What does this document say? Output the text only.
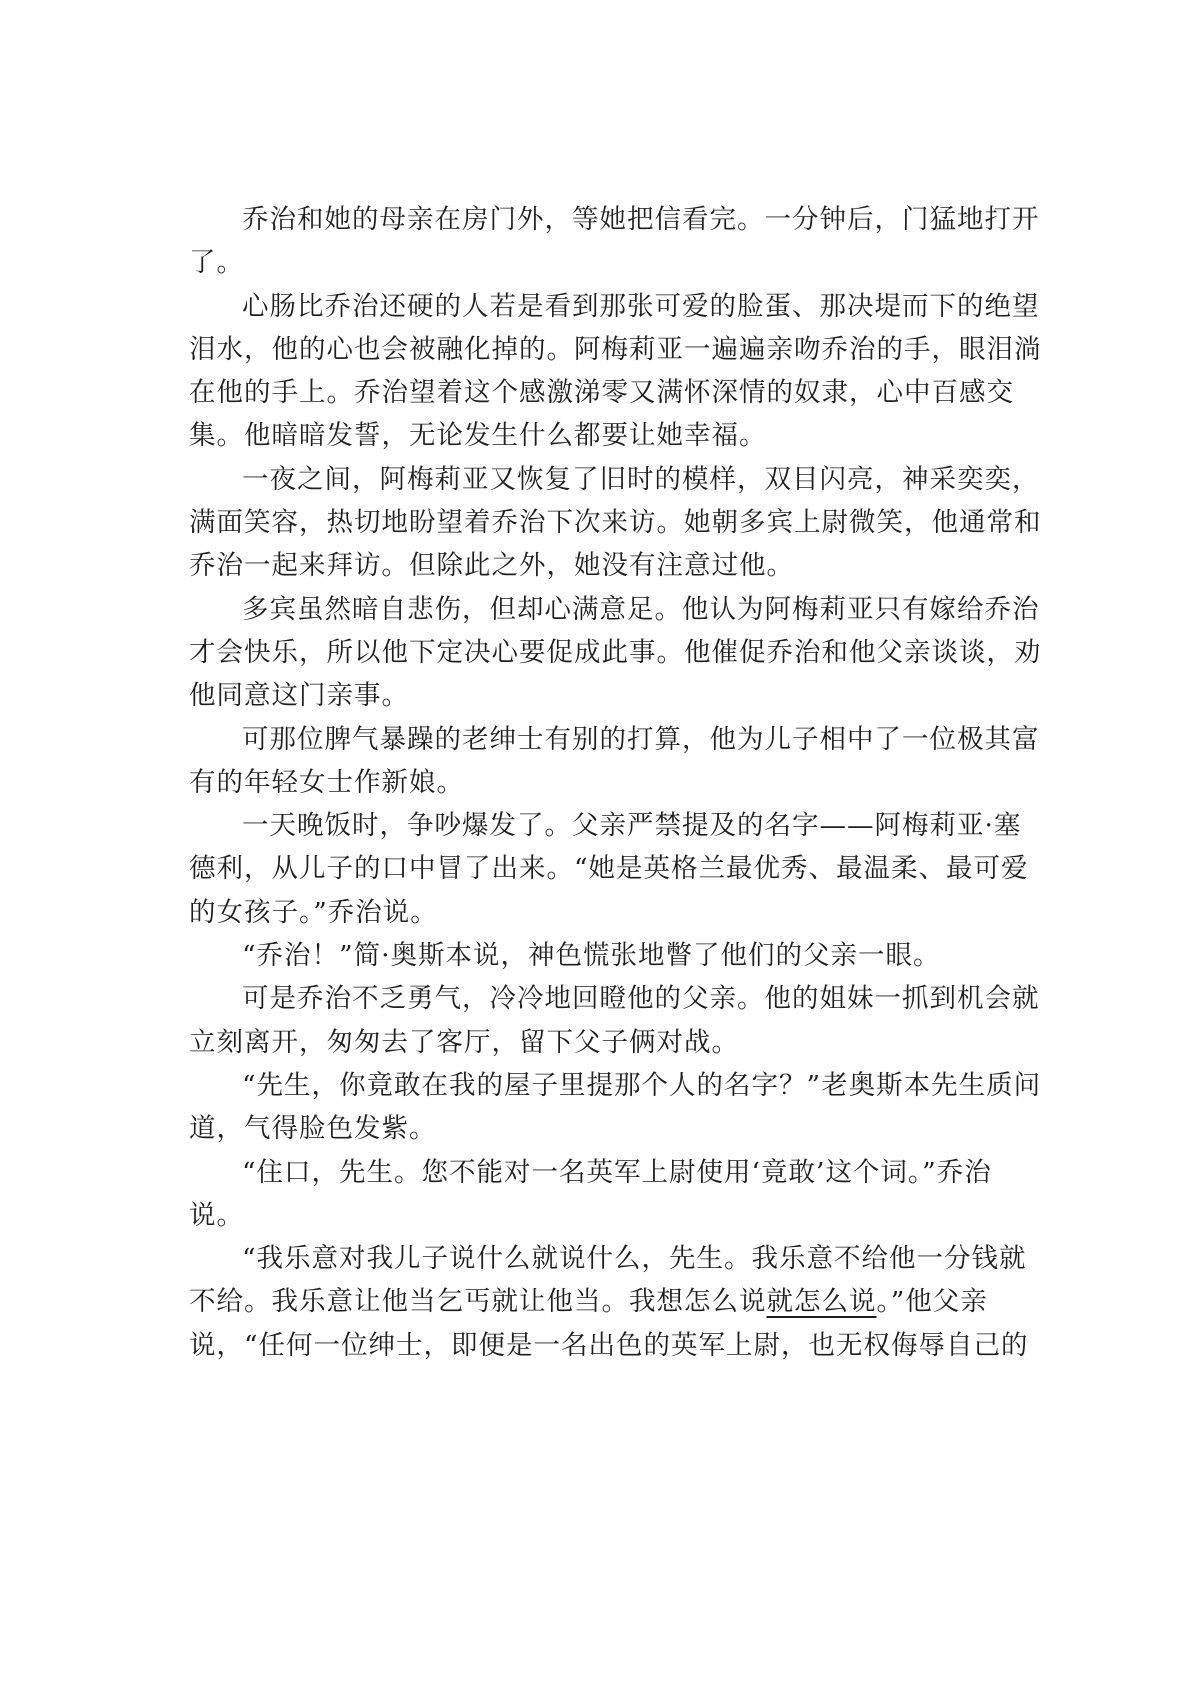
乔治和她的母亲在房门外，等她把信看完。一分钟后，门猛地打开
了。

心肠比乔治还硬的人若是看到那张可爱的脸蛋、那决堤而下的绝望
泪水，他的心也会被融化掉的。阿梅莉亚一遍遍亲吻乔治的手，眼泪淌
在他的手上。乔治望着这个感激涕零又满怀深情的奴隶，心中百感交
集。他暗暗发誓，无论发生什么都要让她幸福。

一夜之间，阿梅莉亚又恢复了旧时的模样，双目闪亮，神采奕奕，
满面笑容，热切地盼望着乔治下次来访。她朝多宾上尉微笑，他通常和
乔治一起来拜访。但除此之外，她没有注意过他。

多宾虽然暗自悲伤，但却心满意足。他认为阿梅莉亚只有嫁给乔治
才会快乐，所以他下定决心要促成此事。他催促乔治和他父亲谈谈，劝
他同意这门亲事。

可那位脾气暴躁的老绅士有别的打算，他为儿子相中了一位极其富
有的年轻女士作新娘。

一天晚饭时，争吵爆发了。父亲严禁提及的名字——阿梅莉亚·塞
德利，从儿子的口中冒了出来。“她是英格兰最优秀、最温柔、最可爱
的女孩子。”乔治说。

“乔治！”简·奥斯本说，神色慌张地瞥了他们的父亲一眼。

可是乔治不乏勇气，冷冷地回瞪他的父亲。他的姐妹一抓到机会就
立刻离开，匆匆去了客厅，留下父子俩对战。

“先生，你竟敢在我的屋子里提那个人的名字？”老奥斯本先生质问
道，气得脸色发紫。

“住口，先生。您不能对一名英军上尉使用‘竟敢’这个词。”乔治
说。

“我乐意对我儿子说什么就说什么，先生。我乐意不给他一分钱就
不给。我乐意让他当乞丐就让他当。我想怎么说就怎么说。”他父亲
说，“任何一位绅士，即便是一名出色的英军上尉，也无权侮辱自己的
